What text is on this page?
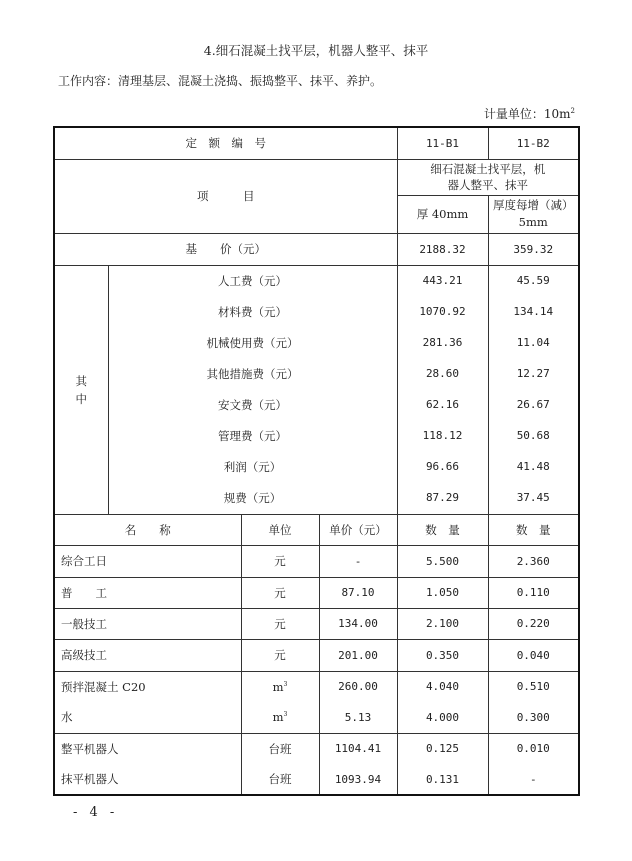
4.细石混凝土找平层，机器人整平、抹平
工作内容：清理基层、混凝土浇捣、振捣整平、抹平、养护。
计量单位：$10m^2$
定　额　编　号				11-B1	11-B2
项　　　目				细石混凝土找平层，机器人整平、抹平	
				厚 40mm	厚度每增（减）5mm
基　　价（元）				2188.32	359.32
其中	人工费（元）			443.21	45.59
	材料费（元）			1070.92	134.14
	机械使用费（元）			281.36	11.04
	其他措施费（元）			28.60	12.27
	安文费（元）			62.16	26.67
	管理费（元）			118.12	50.68
	利润（元）			96.66	41.48
	规费（元）			87.29	37.45
名　　称		单位	单价（元）	数　量	数　量
综合工日		元	-	5.500	2.360
普　　工		元	87.10	1.050	0.110
一般技工		元	134.00	2.100	0.220
高级技工		元	201.00	0.350	0.040
预拌混凝土 C20		$m^3$	260.00	4.040	0.510
水		$m^3$	5.13	4.000	0.300
整平机器人		台班	1104.41	0.125	0.010
抹平机器人		台班	1093.94	0.131	-
- 4 -
